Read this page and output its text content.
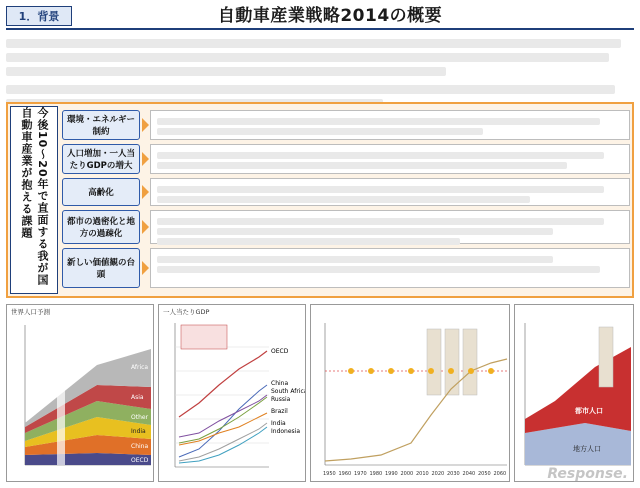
1．背景	自動車産業戦略2014の概要
今後10～20年で直面する我が国自動車産業が抱える課題	環境・エネルギー制約
人口増加・一人当たりGDPの増大
高齢化
都市の過密化と地方の過疎化
新しい価値観の台頭
世界人口予測
Africa
Asia
Other
India
China
OECD
一人当たりGDP
OECD
China
South Africa
Russia
Brazil
India
Indonesia
1950 1960 1970 1980 1990 2000 2010 2020 2030 2040 2050 2060
都市人口
地方人口
Response.
